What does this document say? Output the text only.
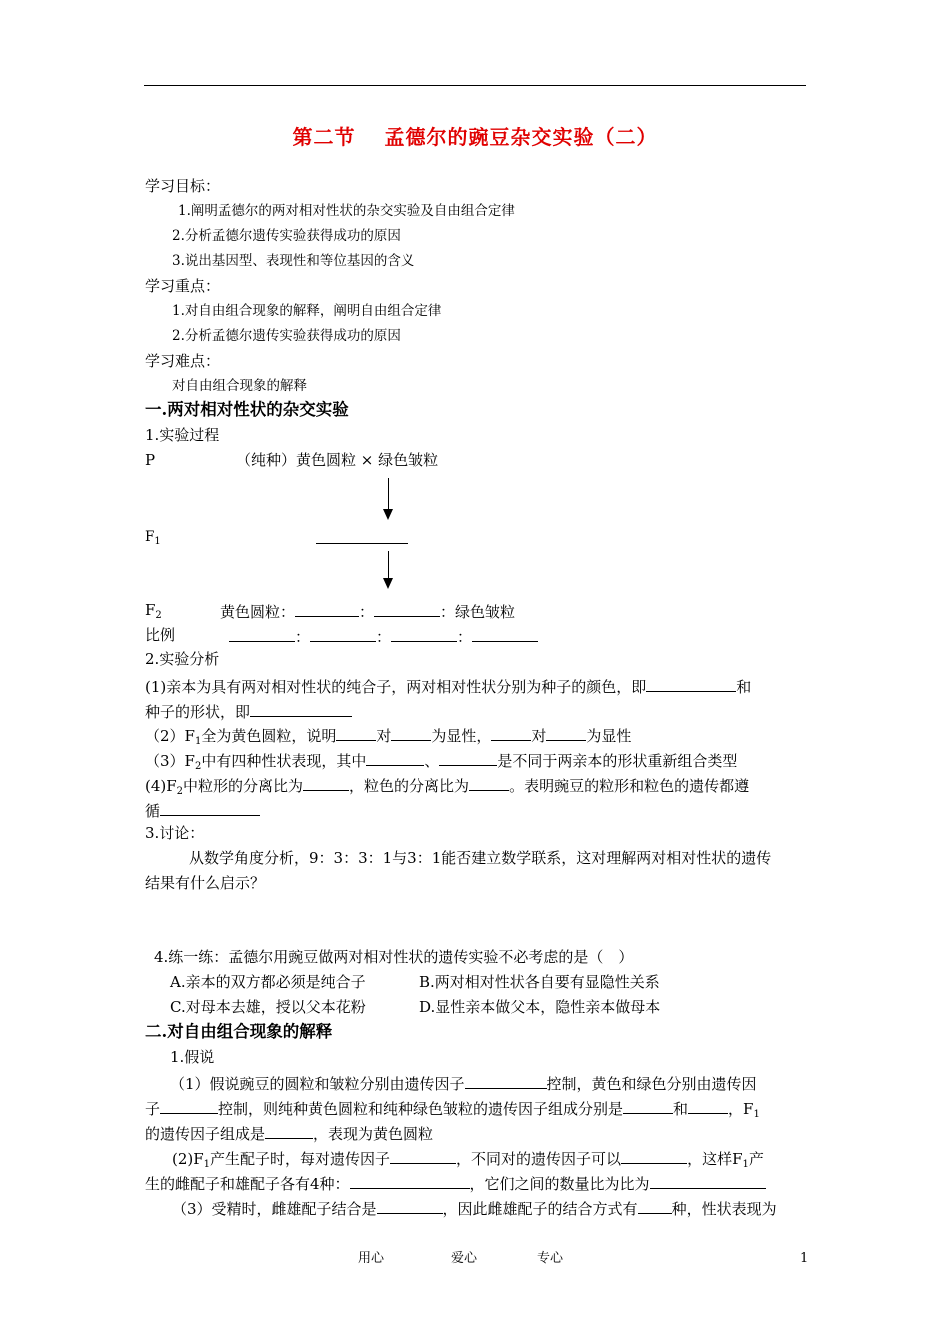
第二节　 孟德尔的豌豆杂交实验（二）
学习目标：
1.阐明孟德尔的两对相对性状的杂交实验及自由组合定律
2.分析孟德尔遗传实验获得成功的原因
3.说出基因型、表现性和等位基因的含义
学习重点：
1.对自由组合现象的解释，阐明自由组合定律
2.分析孟德尔遗传实验获得成功的原因
学习难点：
对自由组合现象的解释
一.两对相对性状的杂交实验
1.实验过程
P	（纯种）黄色圆粒 × 绿色皱粒
$F_1$
$F_2$	黄色圆粒：	：	：绿色皱粒
比例	：	：	：
2.实验分析
(1)亲本为具有两对相对性状的纯合子，两对相对性状分别为种子的颜色，即	和
种子的形状，即
$(2)F_1$全为黄色圆粒，说明	对	为显性，	对	为显性
$(3)F_2$中有四种性状表现，其中	、	是不同于两亲本的形状重新组合类型
$(4)F_2$中粒形的分离比为	，粒色的分离比为	。表明豌豆的粒形和粒色的遗传都遵
循
3.讨论：
从数学角度分析，9：3：3：1与3：1能否建立数学联系，这对理解两对相对性状的遗传
结果有什么启示？
4.练一练：孟德尔用豌豆做两对相对性状的遗传实验不必考虑的是（　）
A.亲本的双方都必须是纯合子	B.两对相对性状各自要有显隐性关系
C.对母本去雄，授以父本花粉	D.显性亲本做父本，隐性亲本做母本
二.对自由组合现象的解释
1.假说
（1）假说豌豆的圆粒和皱粒分别由遗传因子	控制，黄色和绿色分别由遗传因
子	控制，则纯种黄色圆粒和纯种绿色皱粒的遗传因子组成分别是	和	，$F_1$
的遗传因子组成是	，表现为黄色圆粒
$(2)F_1$产生配子时，每对遗传因子	，不同对的遗传因子可以	，这样$F_1$产
生的雌配子和雄配子各有4种：	，它们之间的数量比为比为
（3）受精时，雌雄配子结合是	，因此雌雄配子的结合方式有 种，性状表现为
用心	爱心	专心	1
